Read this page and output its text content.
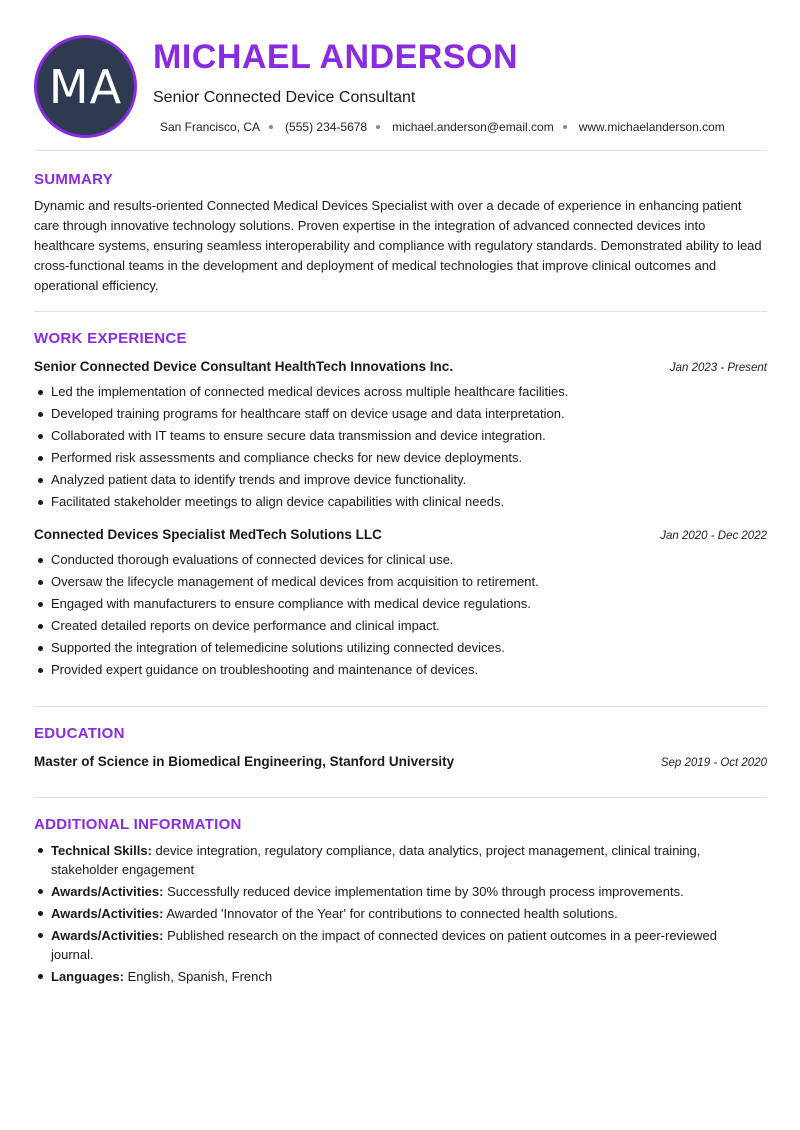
MA
MICHAEL ANDERSON
Senior Connected Device Consultant
San Francisco, CA (555) 234-5678 michael.anderson@email.com www.michaelanderson.com
SUMMARY
Dynamic and results-oriented Connected Medical Devices Specialist with over a decade of experience in enhancing patient care through innovative technology solutions. Proven expertise in the integration of advanced connected devices into healthcare systems, ensuring seamless interoperability and compliance with regulatory standards. Demonstrated ability to lead cross-functional teams in the development and deployment of medical technologies that improve clinical outcomes and operational efficiency.
WORK EXPERIENCE
Senior Connected Device Consultant HealthTech Innovations Inc.	Jan 2023 - Present
Led the implementation of connected medical devices across multiple healthcare facilities.
Developed training programs for healthcare staff on device usage and data interpretation.
Collaborated with IT teams to ensure secure data transmission and device integration.
Performed risk assessments and compliance checks for new device deployments.
Analyzed patient data to identify trends and improve device functionality.
Facilitated stakeholder meetings to align device capabilities with clinical needs.
Connected Devices Specialist MedTech Solutions LLC	Jan 2020 - Dec 2022
Conducted thorough evaluations of connected devices for clinical use.
Oversaw the lifecycle management of medical devices from acquisition to retirement.
Engaged with manufacturers to ensure compliance with medical device regulations.
Created detailed reports on device performance and clinical impact.
Supported the integration of telemedicine solutions utilizing connected devices.
Provided expert guidance on troubleshooting and maintenance of devices.
EDUCATION
Master of Science in Biomedical Engineering, Stanford University	Sep 2019 - Oct 2020
ADDITIONAL INFORMATION
Technical Skills: device integration, regulatory compliance, data analytics, project management, clinical training, stakeholder engagement
Awards/Activities: Successfully reduced device implementation time by 30% through process improvements.
Awards/Activities: Awarded 'Innovator of the Year' for contributions to connected health solutions.
Awards/Activities: Published research on the impact of connected devices on patient outcomes in a peer-reviewed journal.
Languages: English, Spanish, French
